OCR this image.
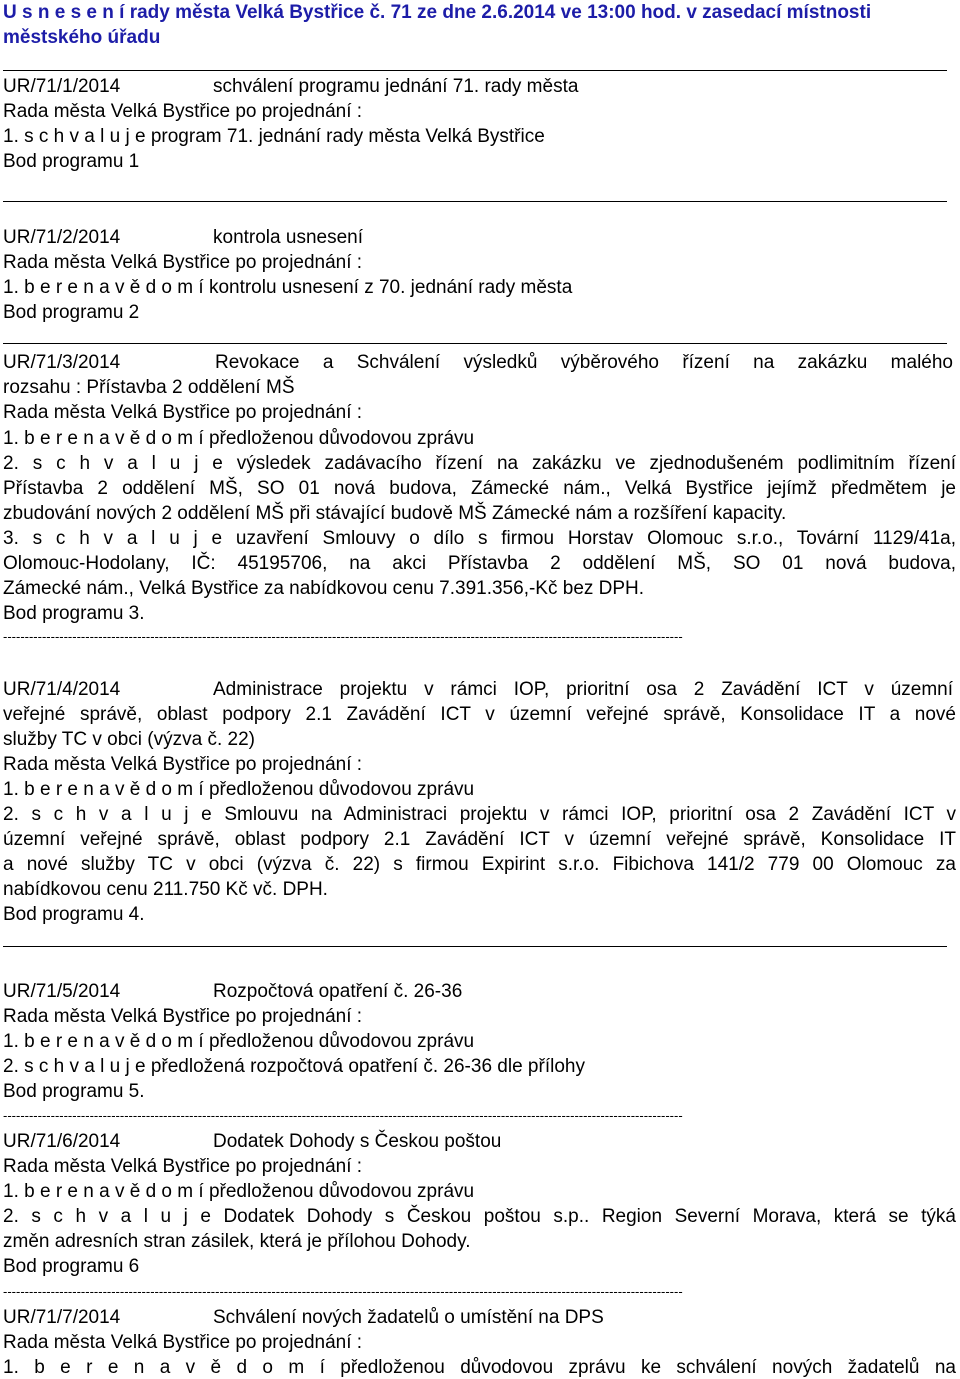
U s n e s e n í rady města Velká Bystřice č. 71 ze dne 2.6.2014 ve 13:00 hod. v zasedací místnosti městského úřadu
UR/71/1/2014	schválení programu jednání 71. rady města
Rada města Velká Bystřice po projednání :
1. s c h v a l u j e program 71. jednání rady města Velká Bystřice
Bod programu 1
UR/71/2/2014	kontrola usnesení
Rada města Velká Bystřice po projednání :
1. b e r e n a v ě d o m í kontrolu usnesení z 70. jednání rady města
Bod programu 2
UR/71/3/2014	Revokace a Schválení výsledků výběrového řízení na zakázku malého
rozsahu : Přístavba 2 oddělení MŠ
Rada města Velká Bystřice po projednání :
1. b e r e n a v ě d o m í předloženou důvodovou zprávu
2. s c h v a l u j e výsledek zadávacího řízení na zakázku ve zjednodušeném podlimitním řízení
Přístavba 2 oddělení MŠ, SO 01 nová budova, Zámecké nám., Velká Bystřice jejímž předmětem je
zbudování nových 2 oddělení MŠ při stávající budově MŠ Zámecké nám a rozšíření kapacity.
3. s c h v a l u j e uzavření Smlouvy o dílo s firmou Horstav Olomouc s.r.o., Tovární 1129/41a,
Olomouc-Hodolany, IČ: 45195706, na akci Přístavba 2 oddělení MŠ, SO 01 nová budova,
Zámecké nám., Velká Bystřice za nabídkovou cenu 7.391.356,-Kč bez DPH.
Bod programu 3.
-------------------------------------------------------------------------------------------------------------------------------------------------------------
UR/71/4/2014	Administrace projektu v rámci IOP, prioritní osa 2 Zavádění ICT v územní
veřejné správě, oblast podpory 2.1 Zavádění ICT v územní veřejné správě, Konsolidace IT a nové
služby TC v obci (výzva č. 22)
Rada města Velká Bystřice po projednání :
1. b e r e n a v ě d o m í předloženou důvodovou zprávu
2. s c h v a l u j e Smlouvu na Administraci projektu v rámci IOP, prioritní osa 2 Zavádění ICT v
územní veřejné správě, oblast podpory 2.1 Zavádění ICT v územní veřejné správě, Konsolidace IT
a nové služby TC v obci (výzva č. 22) s firmou Expirint s.r.o. Fibichova 141/2 779 00 Olomouc za
nabídkovou cenu 211.750 Kč vč. DPH.
Bod programu 4.
UR/71/5/2014	Rozpočtová opatření č. 26-36
Rada města Velká Bystřice po projednání :
1. b e r e n a v ě d o m í předloženou důvodovou zprávu
2. s c h v a l u j e předložená rozpočtová opatření č. 26-36 dle přílohy
Bod programu 5.
-------------------------------------------------------------------------------------------------------------------------------------------------------------
UR/71/6/2014	Dodatek Dohody s Českou poštou
Rada města Velká Bystřice po projednání :
1. b e r e n a v ě d o m í předloženou důvodovou zprávu
2. s c h v a l u j e Dodatek Dohody s Českou poštou s.p.. Region Severní Morava, která se týká
změn adresních stran zásilek, která je přílohou Dohody.
Bod programu 6
-------------------------------------------------------------------------------------------------------------------------------------------------------------
UR/71/7/2014	Schválení nových žadatelů o umístění na DPS
Rada města Velká Bystřice po projednání :
1. b e r e n a v ě d o m í předloženou důvodovou zprávu ke schválení nových žadatelů na
